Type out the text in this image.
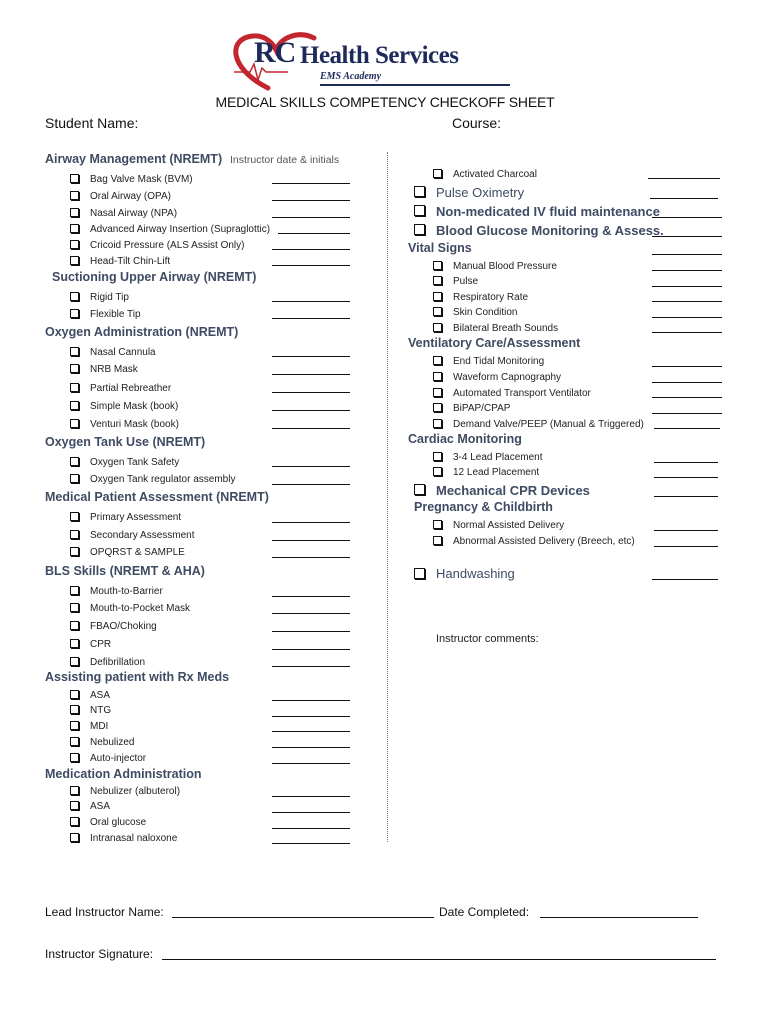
RC Health Services
EMS Academy
MEDICAL SKILLS COMPETENCY CHECKOFF SHEET
Student Name:	Course:
Airway Management (NREMT) Instructor date & initials
Suctioning Upper Airway (NREMT)
Oxygen Administration (NREMT)
Oxygen Tank Use (NREMT)
Medical Patient Assessment (NREMT)
BLS Skills (NREMT & AHA)
Assisting patient with Rx Meds
Medication Administration
Bag Valve Mask (BVM)
Oral Airway (OPA)
Nasal Airway (NPA)
Advanced Airway Insertion (Supraglottic)
Cricoid Pressure (ALS Assist Only)
Head-Tilt Chin-Lift
Rigid Tip
Flexible Tip
Nasal Cannula
NRB Mask
Partial Rebreather
Simple Mask (book)
Venturi Mask (book)
Oxygen Tank Safety
Oxygen Tank regulator assembly
Primary Assessment
Secondary Assessment
OPQRST & SAMPLE
Mouth-to-Barrier
Mouth-to-Pocket Mask
FBAO/Choking
CPR
Defibrillation
ASA
NTG
MDI
Nebulized
Auto-injector
Nebulizer (albuterol)
ASA
Oral glucose
Intranasal naloxone
Activated Charcoal
Pulse Oximetry
Non-medicated IV fluid maintenance
Blood Glucose Monitoring & Assess.
Vital Signs
Manual Blood Pressure
Pulse
Respiratory Rate
Skin Condition
Bilateral Breath Sounds
Ventilatory Care/Assessment
End Tidal Monitoring
Waveform Capnography
Automated Transport Ventilator
BiPAP/CPAP
Demand Valve/PEEP (Manual & Triggered)
Cardiac Monitoring
3-4 Lead Placement
12 Lead Placement
Mechanical CPR Devices
Pregnancy & Childbirth
Normal Assisted Delivery
Abnormal Assisted Delivery (Breech, etc)
Handwashing
Instructor comments:
Lead Instructor Name:	Date Completed:
Instructor Signature:
